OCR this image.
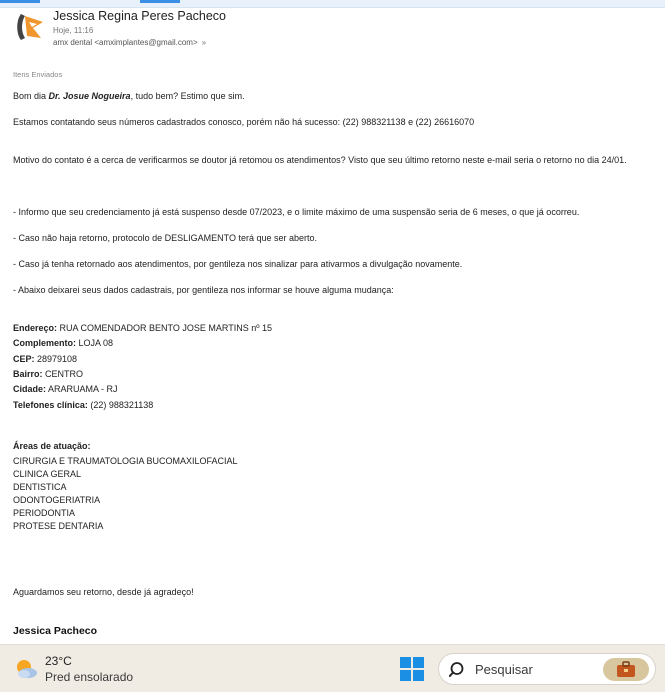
Jessica Regina Peres Pacheco
Hoje, 11:16
amx dental <amximplantes@gmail.com> »
Itens Enviados

Bom dia Dr. Josue Nogueira, tudo bem? Estimo que sim.

Estamos contatando seus números cadastrados conosco, porém não há sucesso: (22) 988321138 e (22) 26616070

Motivo do contato é a cerca de verificarmos se doutor já retomou os atendimentos? Visto que seu último retorno neste e-mail seria o retorno no dia 24/01.

- Informo que seu credenciamento já está suspenso desde 07/2023, e o limite máximo de uma suspensão seria de 6 meses, o que já ocorreu.

- Caso não haja retorno, protocolo de DESLIGAMENTO terá que ser aberto.

- Caso já tenha retornado aos atendimentos, por gentileza nos sinalizar para ativarmos a divulgação novamente.

- Abaixo deixarei seus dados cadastrais, por gentileza nos informar se houve alguma mudança:

Endereço: RUA COMENDADOR BENTO JOSE MARTINS nº 15
Complemento: LOJA 08
CEP: 28979108
Bairro: CENTRO
Cidade: ARARUAMA - RJ
Telefones clínica: (22) 988321138
Áreas de atuação:
CIRURGIA E TRAUMATOLOGIA BUCOMAXILOFACIAL
CLINICA GERAL
DENTISTICA
ODONTOGERIATRIA
PERIODONTIA
PROTESE DENTARIA

Aguardamos seu retorno, desde já agradeço!

Jessica Pacheco

23°C
Pred ensolarado	Pesquisar
